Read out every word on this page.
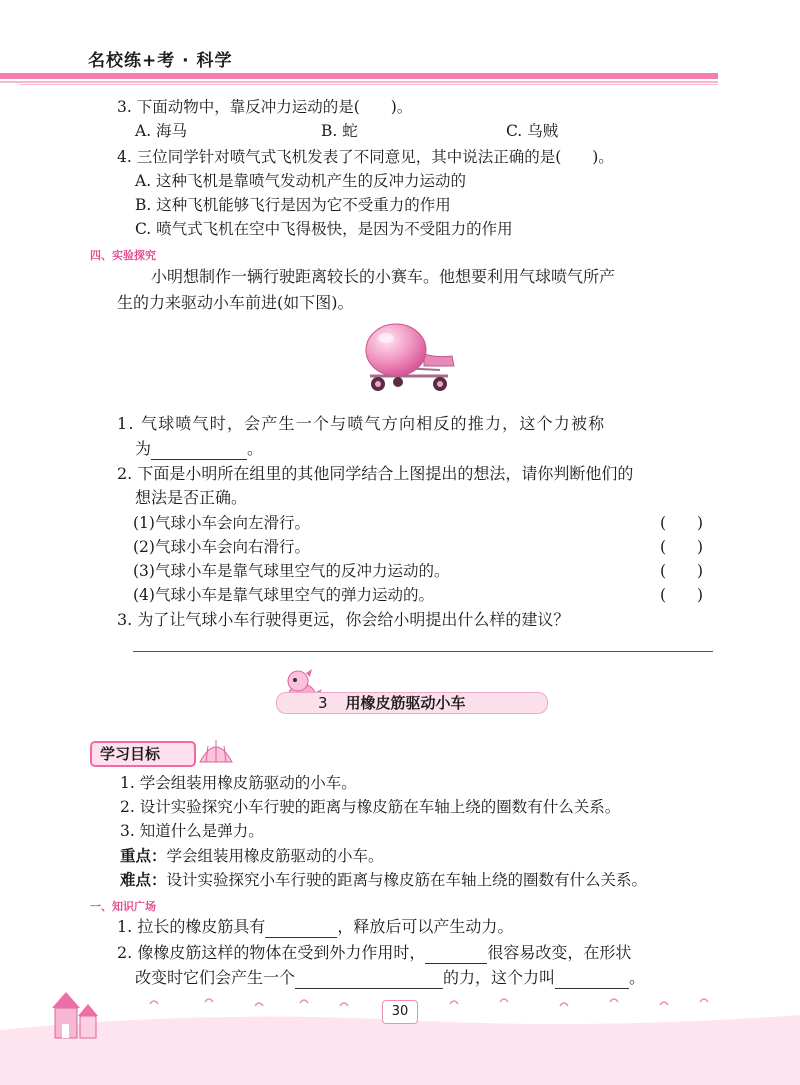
名校练+考 · 科学
3. 下面动物中，靠反冲力运动的是(　　)。
A. 海马	B. 蛇	C. 乌贼
4. 三位同学针对喷气式飞机发表了不同意见，其中说法正确的是(　　)。
A. 这种飞机是靠喷气发动机产生的反冲力运动的
B. 这种飞机能够飞行是因为它不受重力的作用
C. 喷气式飞机在空中飞得极快，是因为不受阻力的作用
四、实验探究
小明想制作一辆行驶距离较长的小赛车。他想要利用气球喷气所产
生的力来驱动小车前进(如下图)。
1. 气球喷气时，会产生一个与喷气方向相反的推力，这个力被称
为	。
2. 下面是小明所在组里的其他同学结合上图提出的想法，请你判断他们的
想法是否正确。
(1)气球小车会向左滑行。	(　　)
(2)气球小车会向右滑行。	(　　)
(3)气球小车是靠气球里空气的反冲力运动的。	(　　)
(4)气球小车是靠气球里空气的弹力运动的。	(　　)
3. 为了让气球小车行驶得更远，你会给小明提出什么样的建议？
3 用橡皮筋驱动小车
学习目标
1. 学会组装用橡皮筋驱动的小车。
2. 设计实验探究小车行驶的距离与橡皮筋在车轴上绕的圈数有什么关系。
3. 知道什么是弹力。
重点：学会组装用橡皮筋驱动的小车。
难点：设计实验探究小车行驶的距离与橡皮筋在车轴上绕的圈数有什么关系。
一、知识广场
1. 拉长的橡皮筋具有	，释放后可以产生动力。
2. 像橡皮筋这样的物体在受到外力作用时，	很容易改变，在形状
改变时它们会产生一个	的力，这个力叫	。
30
